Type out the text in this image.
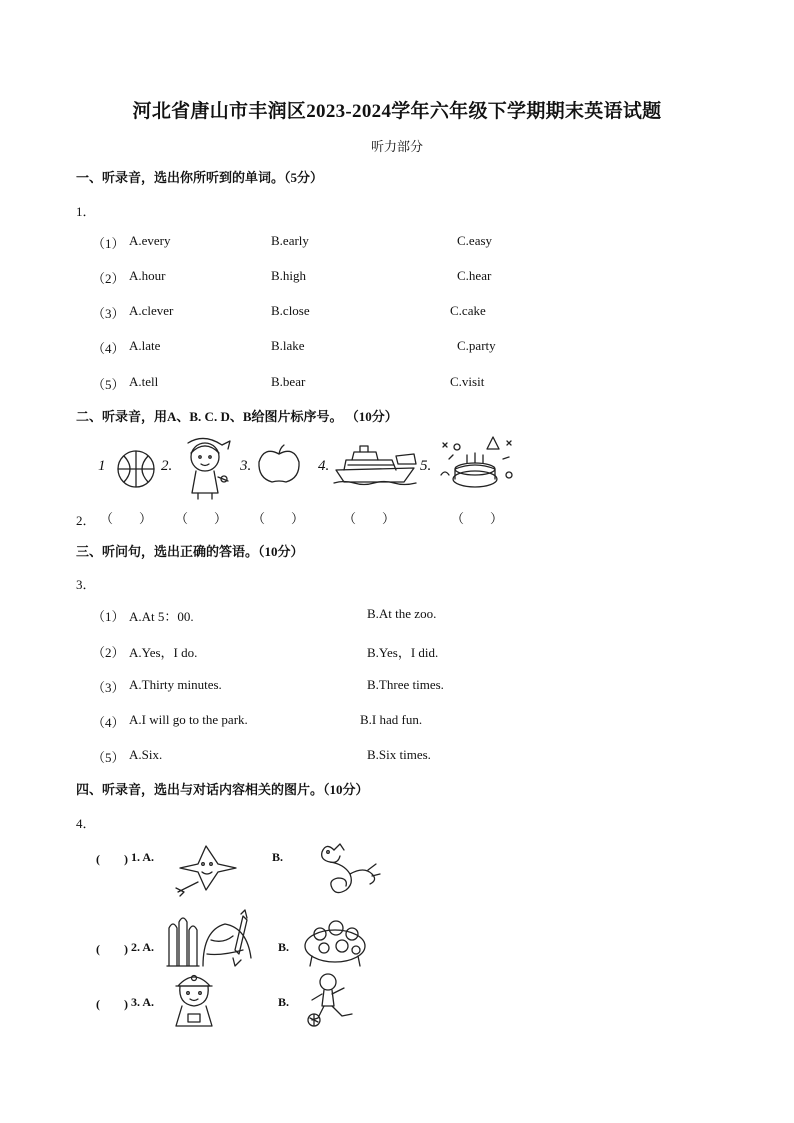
河北省唐山市丰润区2023-2024学年六年级下学期期末英语试题
听力部分
一、听录音，选出你所听到的单词。（5分）
1．
（1） A.every	B.early	C.easy
（2） A.hour	B.high	C.hear
（3） A.clever	B.close	C.cake
（4） A.late	B.lake	C.party
（5） A.tell	B.bear	C.visit
二、听录音，用A、B. C. D、B给图片标序号。 （10分）
1	2.	3.	4.	5.
2． （　　） （　　） （　　）	（　　）	（　　）
三、听问句，选出正确的答语。（10分）
3．
（1） A.At 5：00.	B.At the zoo.
（2） A.Yes，I do.	B.Yes，I did.
（3） A.Thirty minutes.	B.Three times.
（4） A.I will go to the park.	B.I had fun.
（5） A.Six.	B.Six times.
四、听录音，选出与对话内容相关的图片。（10分）
4．
(　　) 1. A.	B.
(　　) 2. A.	B.
(　　) 3. A.	B.
